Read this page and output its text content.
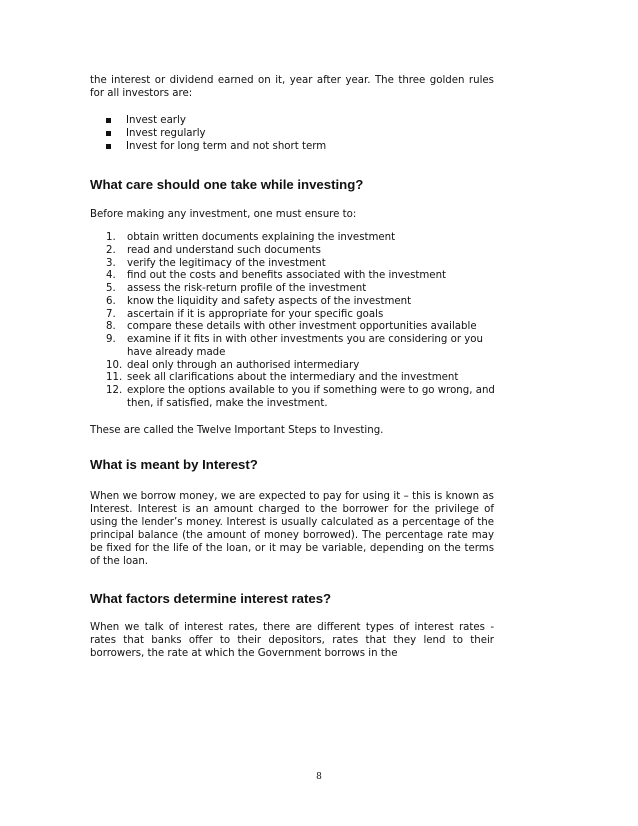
the interest or dividend earned on it, year after year. The three golden rules for all investors are:

Invest early
Invest regularly
Invest for long term and not short term
What care should one take while investing?

Before making any investment, one must ensure to:

1. obtain written documents explaining the investment
2. read and understand such documents
3. verify the legitimacy of the investment
4. find out the costs and benefits associated with the investment
5. assess the risk-return profile of the investment
6. know the liquidity and safety aspects of the investment
7. ascertain if it is appropriate for your specific goals
8. compare these details with other investment opportunities available
9. examine if it fits in with other investments you are considering or you have already made
10. deal only through an authorised intermediary
11. seek all clarifications about the intermediary and the investment
12. explore the options available to you if something were to go wrong, and then, if satisfied, make the investment.

These are called the Twelve Important Steps to Investing.

What is meant by Interest?

When we borrow money, we are expected to pay for using it – this is known as Interest. Interest is an amount charged to the borrower for the privilege of using the lender’s money. Interest is usually calculated as a percentage of the principal balance (the amount of money borrowed). The percentage rate may be fixed for the life of the loan, or it may be variable, depending on the terms of the loan.

What factors determine interest rates?

When we talk of interest rates, there are different types of interest rates - rates that banks offer to their depositors, rates that they lend to their borrowers, the rate at which the Government borrows in the

8
